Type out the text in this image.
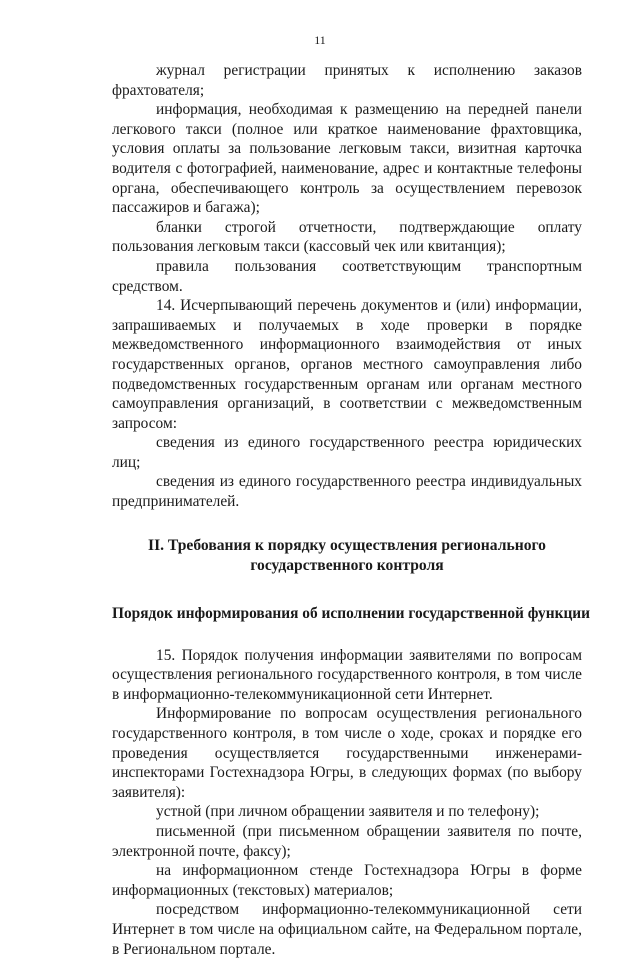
11

журнал регистрации принятых к исполнению заказов фрахтователя;

информация, необходимая к размещению на передней панели легкового такси (полное или краткое наименование фрахтовщика, условия оплаты за пользование легковым такси, визитная карточка водителя с фотографией, наименование, адрес и контактные телефоны органа, обеспечивающего контроль за осуществлением перевозок пассажиров и багажа);

бланки строгой отчетности, подтверждающие оплату пользования легковым такси (кассовый чек или квитанция);

правила пользования соответствующим транспортным средством.

14. Исчерпывающий перечень документов и (или) информации, запрашиваемых и получаемых в ходе проверки в порядке межведомственного информационного взаимодействия от иных государственных органов, органов местного самоуправления либо подведомственных государственным органам или органам местного самоуправления организаций, в соответствии с межведомственным запросом:

сведения из единого государственного реестра юридических лиц;

сведения из единого государственного реестра индивидуальных предпринимателей.

II. Требования к порядку осуществления регионального
государственного контроля
Порядок информирования об исполнении государственной функции

15. Порядок получения информации заявителями по вопросам осуществления регионального государственного контроля, в том числе в информационно-телекоммуникационной сети Интернет.

Информирование по вопросам осуществления регионального государственного контроля, в том числе о ходе, сроках и порядке его проведения осуществляется государственными инженерами-инспекторами Гостехнадзора Югры, в следующих формах (по выбору заявителя):

устной (при личном обращении заявителя и по телефону);

письменной (при письменном обращении заявителя по почте, электронной почте, факсу);

на информационном стенде Гостехнадзора Югры в форме информационных (текстовых) материалов;

посредством информационно-телекоммуникационной сети Интернет в том числе на официальном сайте, на Федеральном портале, в Региональном портале.
